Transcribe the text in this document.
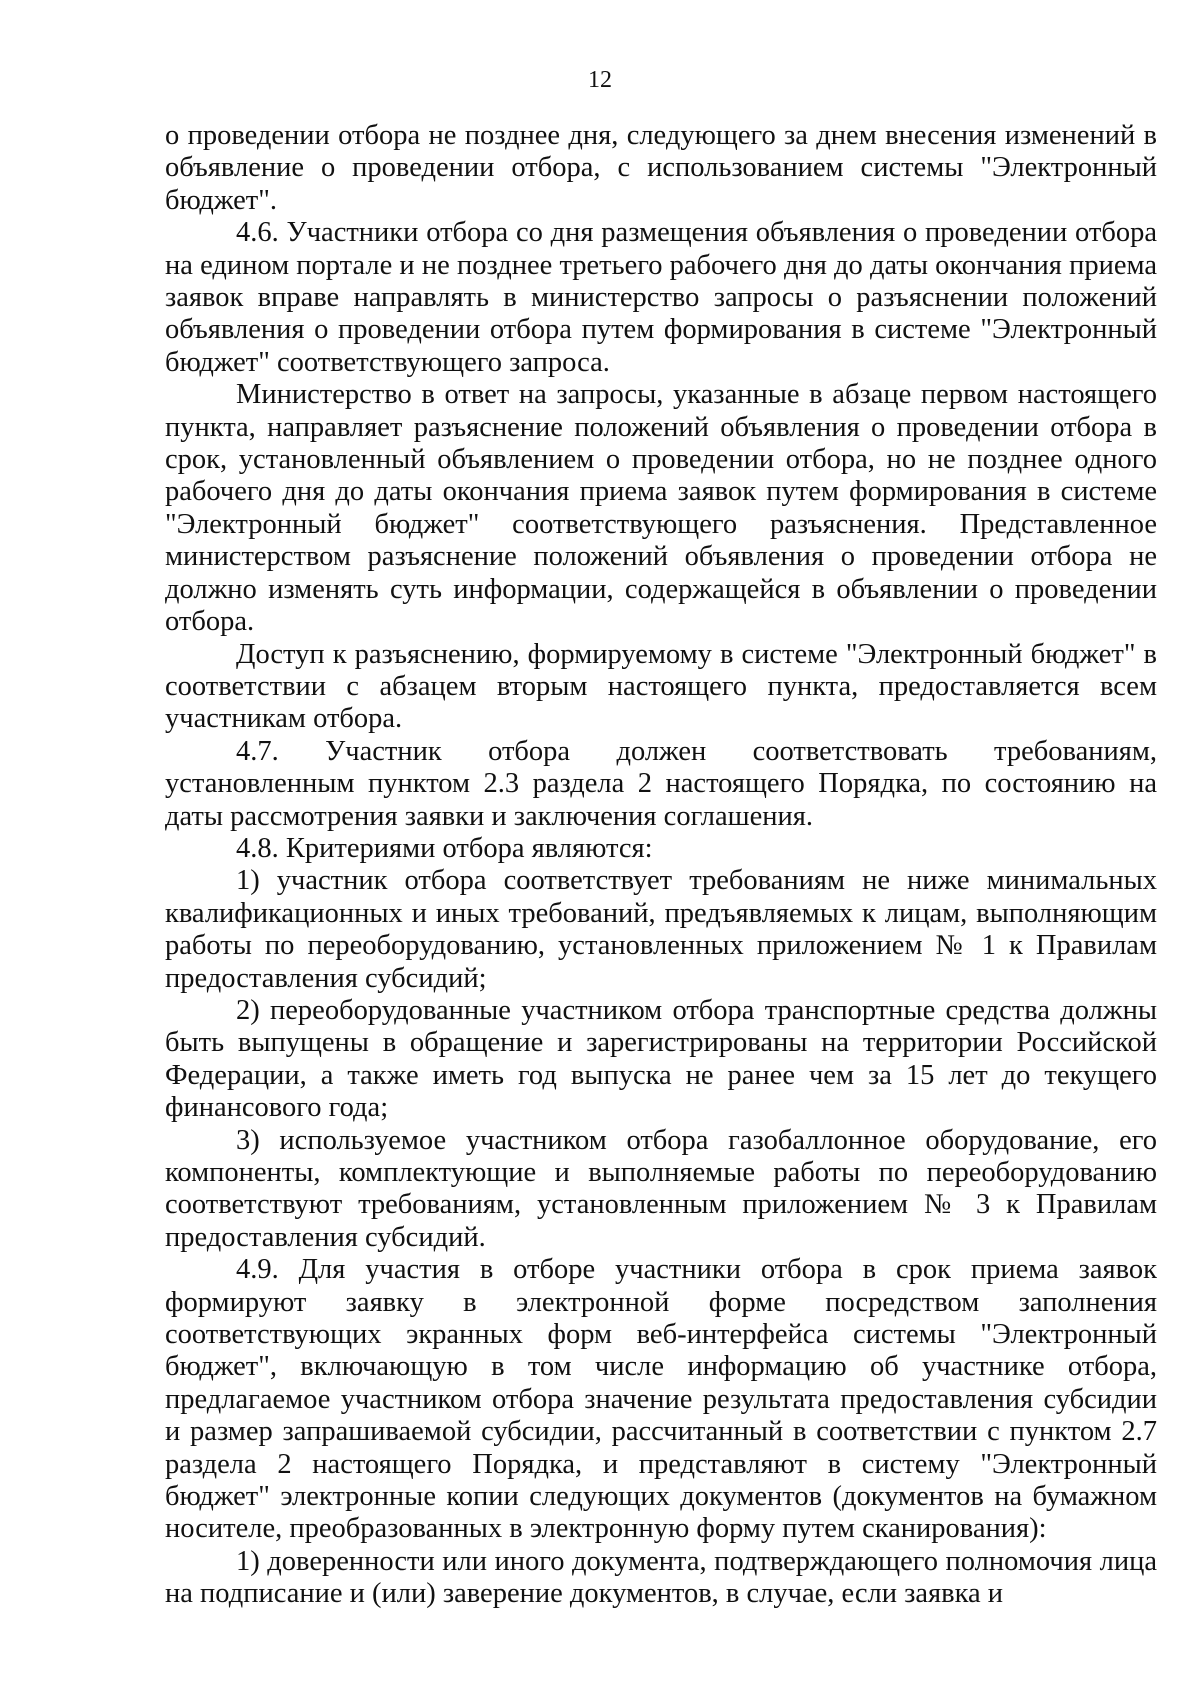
12

о проведении отбора не позднее дня, следующего за днем внесения изменений в объявление о проведении отбора, с использованием системы "Электронный бюджет".

4.6. Участники отбора со дня размещения объявления о проведении отбора на едином портале и не позднее третьего рабочего дня до даты окончания приема заявок вправе направлять в министерство запросы о разъяснении положений объявления о проведении отбора путем формирования в системе "Электронный бюджет" соответствующего запроса.

Министерство в ответ на запросы, указанные в абзаце первом настоящего пункта, направляет разъяснение положений объявления о проведении отбора в срок, установленный объявлением о проведении отбора, но не позднее одного рабочего дня до даты окончания приема заявок путем формирования в системе "Электронный бюджет" соответствующего разъяснения. Представленное министерством разъяснение положений объявления о проведении отбора не должно изменять суть информации, содержащейся в объявлении о проведении отбора.

Доступ к разъяснению, формируемому в системе "Электронный бюджет" в соответствии с абзацем вторым настоящего пункта, предоставляется всем участникам отбора.

4.7. Участник отбора должен соответствовать требованиям, установленным пунктом 2.3 раздела 2 настоящего Порядка, по состоянию на даты рассмотрения заявки и заключения соглашения.

4.8. Критериями отбора являются:

1) участник отбора соответствует требованиям не ниже минимальных квалификационных и иных требований, предъявляемых к лицам, выполняющим работы по переоборудованию, установленных приложением № 1 к Правилам предоставления субсидий;

2) переоборудованные участником отбора транспортные средства должны быть выпущены в обращение и зарегистрированы на территории Российской Федерации, а также иметь год выпуска не ранее чем за 15 лет до текущего финансового года;

3) используемое участником отбора газобаллонное оборудование, его компоненты, комплектующие и выполняемые работы по переоборудованию соответствуют требованиям, установленным приложением № 3 к Правилам предоставления субсидий.

4.9. Для участия в отборе участники отбора в срок приема заявок формируют заявку в электронной форме посредством заполнения соответствующих экранных форм веб-интерфейса системы "Электронный бюджет", включающую в том числе информацию об участнике отбора, предлагаемое участником отбора значение результата предоставления субсидии и размер запрашиваемой субсидии, рассчитанный в соответствии с пунктом 2.7 раздела 2 настоящего Порядка, и представляют в систему "Электронный бюджет" электронные копии следующих документов (документов на бумажном носителе, преобразованных в электронную форму путем сканирования):

1) доверенности или иного документа, подтверждающего полномочия лица на подписание и (или) заверение документов, в случае, если заявка и
